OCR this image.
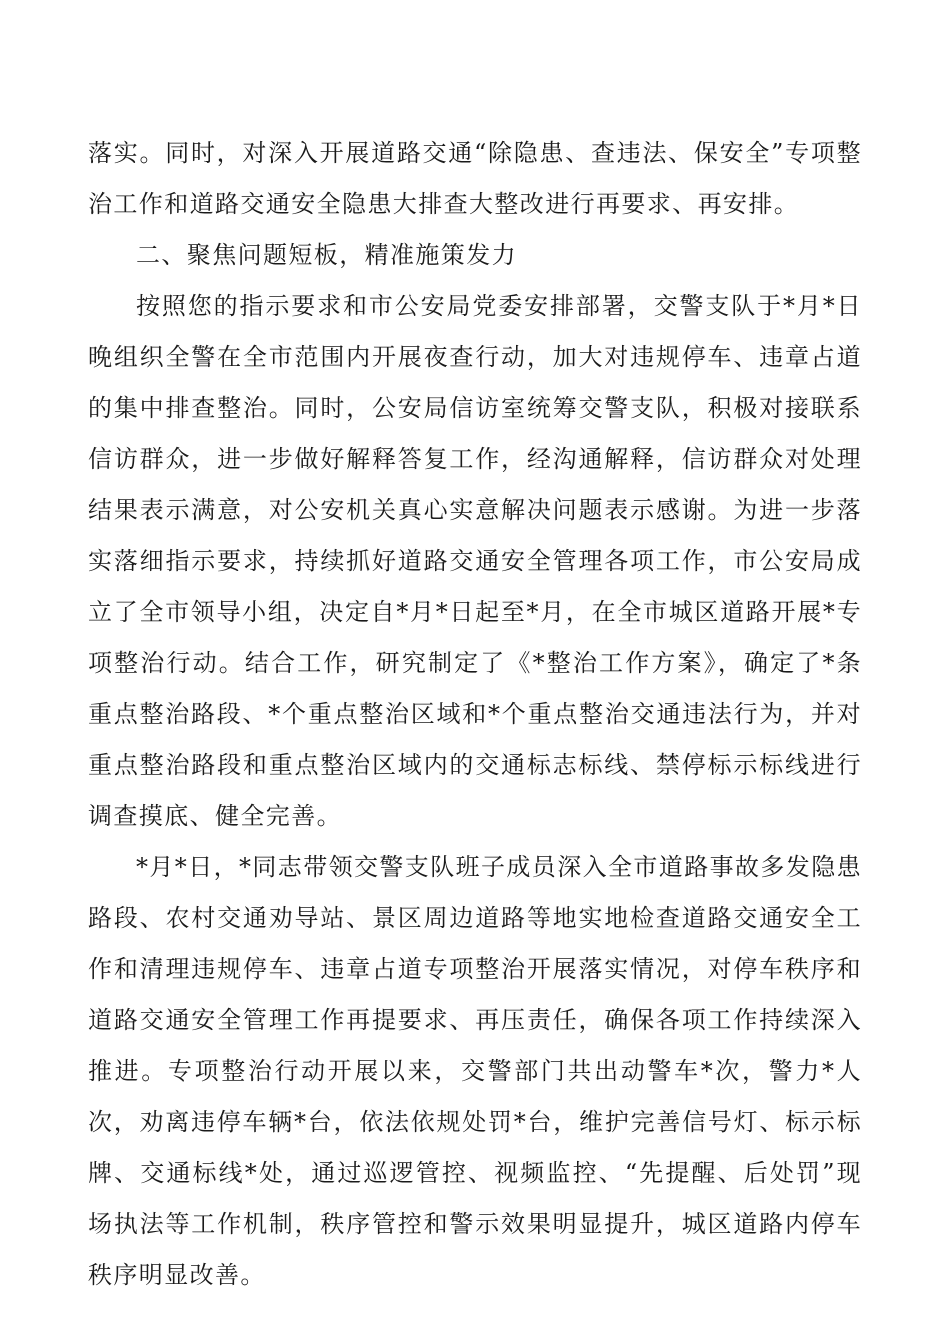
落实。同时，对深入开展道路交通“除隐患、查违法、保安全”专项整治工作和道路交通安全隐患大排查大整改进行再要求、再安排。

二、聚焦问题短板，精准施策发力

按照您的指示要求和市公安局党委安排部署，交警支队于*月*日晚组织全警在全市范围内开展夜查行动，加大对违规停车、违章占道的集中排查整治。同时，公安局信访室统筹交警支队，积极对接联系信访群众，进一步做好解释答复工作，经沟通解释，信访群众对处理结果表示满意，对公安机关真心实意解决问题表示感谢。为进一步落实落细指示要求，持续抓好道路交通安全管理各项工作，市公安局成立了全市领导小组，决定自*月*日起至*月，在全市城区道路开展*专项整治行动。结合工作，研究制定了《*整治工作方案》，确定了*条重点整治路段、*个重点整治区域和*个重点整治交通违法行为，并对重点整治路段和重点整治区域内的交通标志标线、禁停标示标线进行调查摸底、健全完善。

*月*日，*同志带领交警支队班子成员深入全市道路事故多发隐患路段、农村交通劝导站、景区周边道路等地实地检查道路交通安全工作和清理违规停车、违章占道专项整治开展落实情况，对停车秩序和道路交通安全管理工作再提要求、再压责任，确保各项工作持续深入推进。专项整治行动开展以来，交警部门共出动警车*次，警力*人次，劝离违停车辆*台，依法依规处罚*台，维护完善信号灯、标示标牌、交通标线*处，通过巡逻管控、视频监控、“先提醒、后处罚”现场执法等工作机制，秩序管控和警示效果明显提升，城区道路内停车秩序明显改善。
